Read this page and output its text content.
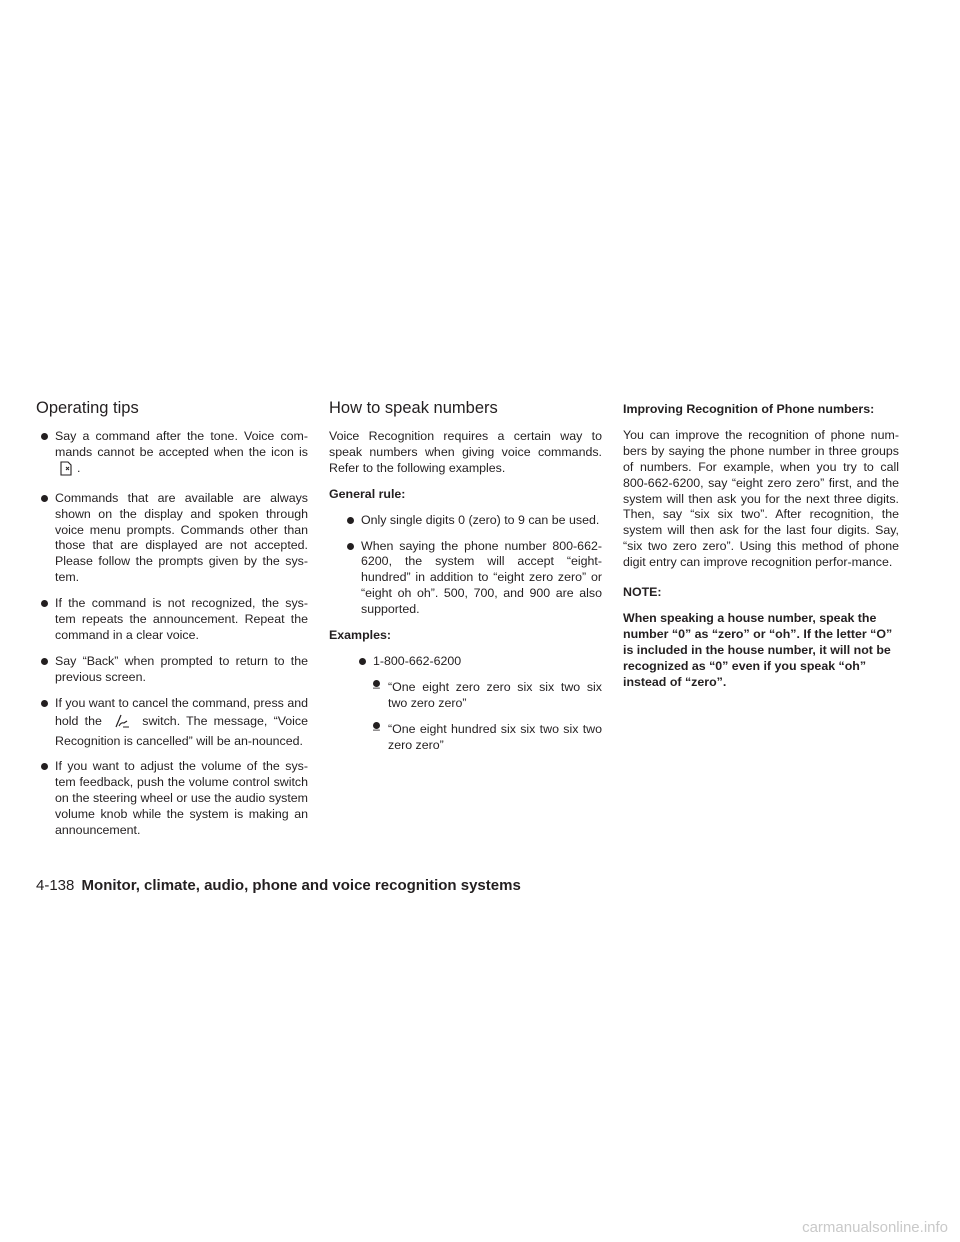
Operating tips
Say a command after the tone. Voice com-mands cannot be accepted when the icon is .
Commands that are available are always shown on the display and spoken through voice menu prompts. Commands other than those that are displayed are not accepted. Please follow the prompts given by the sys-tem.
If the command is not recognized, the sys-tem repeats the announcement. Repeat the command in a clear voice.
Say “Back” when prompted to return to the previous screen.
If you want to cancel the command, press and hold the	switch. The message, “Voice Recognition is cancelled” will be an-nounced.
If you want to adjust the volume of the sys-tem feedback, push the volume control switch on the steering wheel or use the audio system volume knob while the system is making an announcement.
How to speak numbers

Voice Recognition requires a certain way to speak numbers when giving voice commands. Refer to the following examples.

General rule:

Only single digits 0 (zero) to 9 can be used.
When saying the phone number 800-662-6200, the system will accept “eight-hundred” in addition to “eight zero zero” or “eight oh oh”. 500, 700, and 900 are also supported.

Examples:

1-800-662-6200
– “One eight zero zero six six two six two zero zero”
– “One eight hundred six six two six two zero zero”

Improving Recognition of Phone numbers:

You can improve the recognition of phone num-bers by saying the phone number in three groups of numbers. For example, when you try to call 800-662-6200, say “eight zero zero” first, and the system will then ask you for the next three digits. Then, say “six six two”. After recognition, the system will then ask for the last four digits. Say, “six two zero zero”. Using this method of phone digit entry can improve recognition perfor-mance.

NOTE:

When speaking a house number, speak the number “0” as “zero” or “oh”. If the letter “O” is included in the house number, it will not be recognized as “0” even if you speak “oh” instead of “zero”.

4-138 Monitor, climate, audio, phone and voice recognition systems
carmanualsonline.info
